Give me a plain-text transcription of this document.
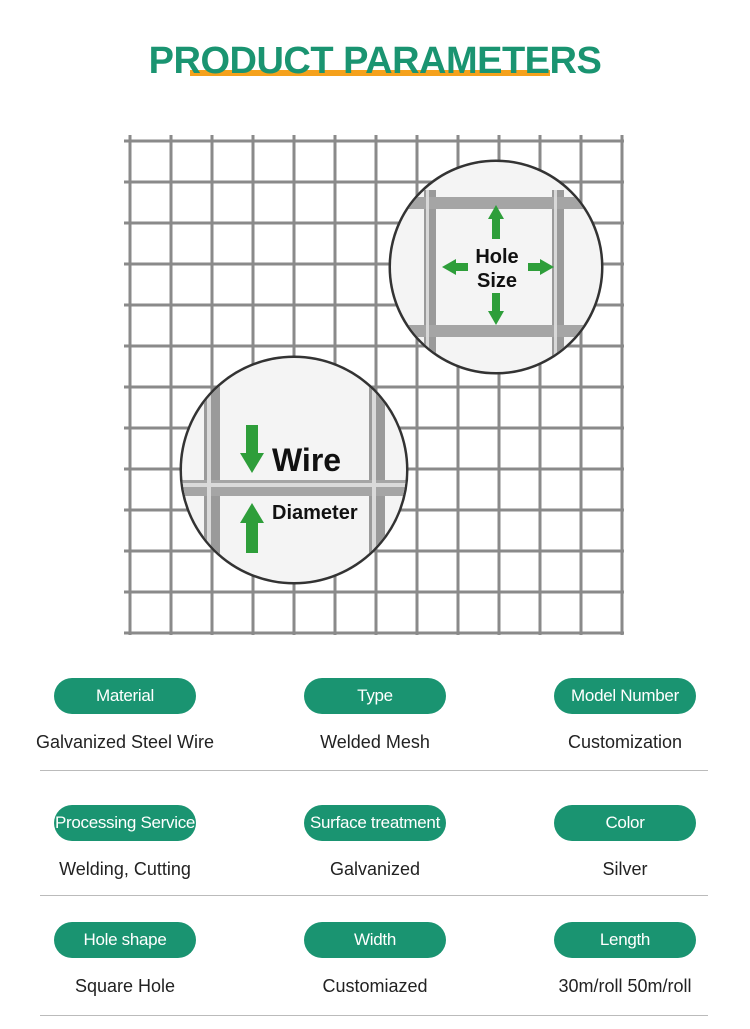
PRODUCT PARAMETERS
Hole
Size
Wire
Diameter
Material
Galvanized Steel Wire
Type
Welded Mesh
Model Number
Customization
Processing Service
Welding, Cutting
Surface treatment
Galvanized
Color
Silver
Hole shape
Square Hole
Width
Customiazed
Length
30m/roll 50m/roll
